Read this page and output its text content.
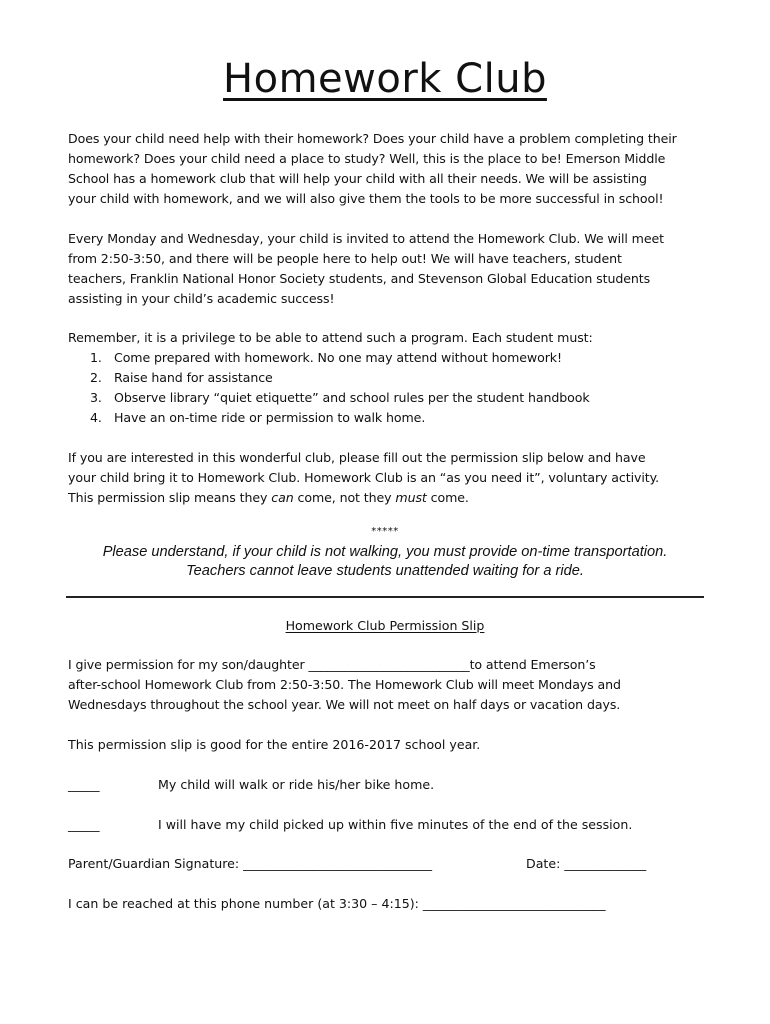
Homework Club

Does your child need help with their homework? Does your child have a problem completing their

homework? Does your child need a place to study? Well, this is the place to be! Emerson Middle

School has a homework club that will help your child with all their needs. We will be assisting

your child with homework, and we will also give them the tools to be more successful in school!

Every Monday and Wednesday, your child is invited to attend the Homework Club. We will meet

from 2:50-3:50, and there will be people here to help out! We will have teachers, student

teachers, Franklin National Honor Society students, and Stevenson Global Education students

assisting in your child’s academic success!

Remember, it is a privilege to be able to attend such a program. Each student must:

1. Come prepared with homework. No one may attend without homework!
2. Raise hand for assistance
3. Observe library “quiet etiquette” and school rules per the student handbook
4. Have an on-time ride or permission to walk home.

If you are interested in this wonderful club, please fill out the permission slip below and have

your child bring it to Homework Club. Homework Club is an “as you need it”, voluntary activity.

This permission slip means they can come, not they must come.

*****
Please understand, if your child is not walking, you must provide on-time transportation.
Teachers cannot leave students unattended waiting for a ride.
Homework Club Permission Slip

I give permission for my son/daughter __________________________to attend Emerson’s

after-school Homework Club from 2:50-3:50. The Homework Club will meet Mondays and

Wednesdays throughout the school year. We will not meet on half days or vacation days.

This permission slip is good for the entire 2016-2017 school year.
_____	My child will walk or ride his/her bike home.
_____	I will have my child picked up within five minutes of the end of the session.
Parent/Guardian Signature: ______________________________	Date: _____________
I can be reached at this phone number (at 3:30 – 4:15): _____________________________
